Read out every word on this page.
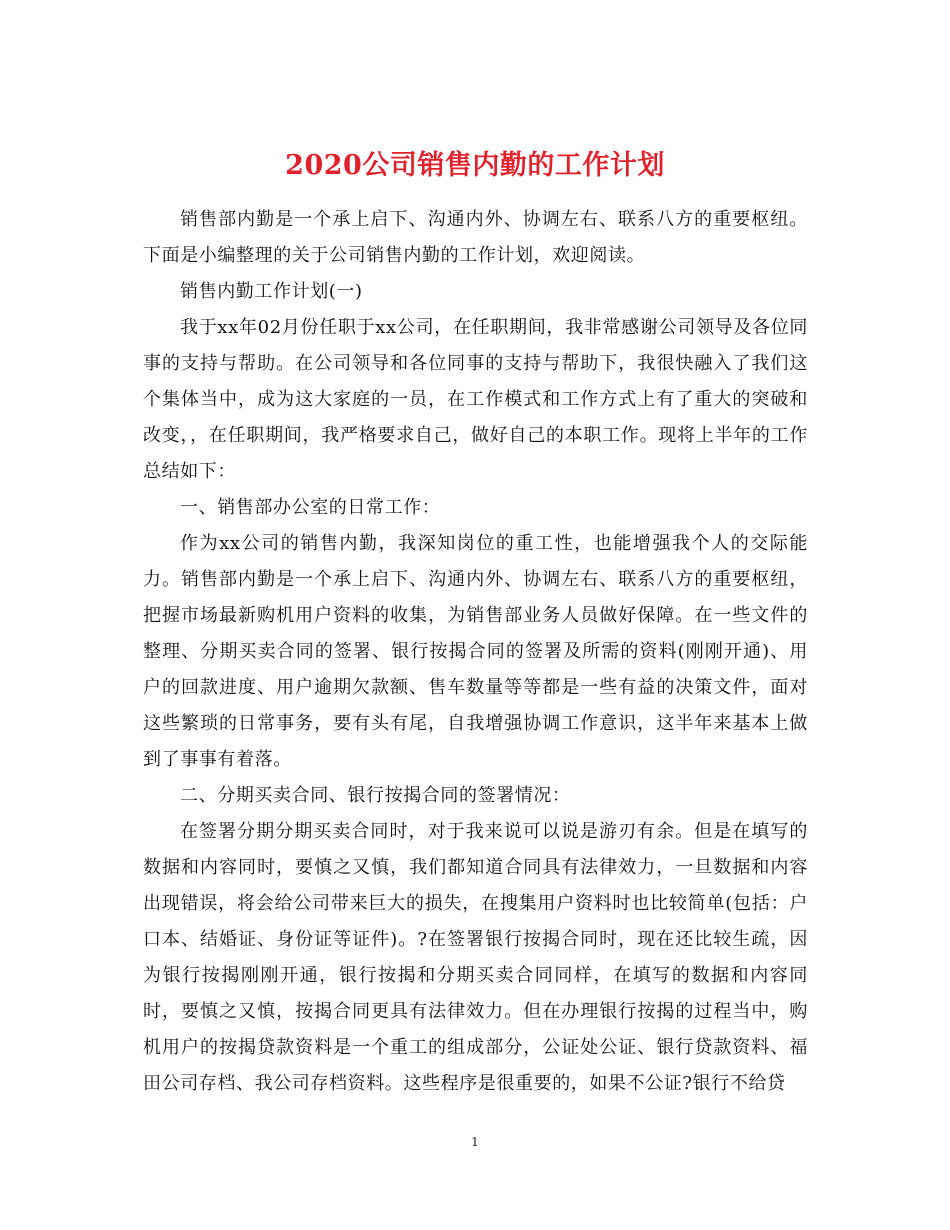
2020公司销售内勤的工作计划

销售部内勤是一个承上启下、沟通内外、协调左右、联系八方的重要枢纽。下面是小编整理的关于公司销售内勤的工作计划，欢迎阅读。

销售内勤工作计划(一)

我于xx年02月份任职于xx公司，在任职期间，我非常感谢公司领导及各位同事的支持与帮助。在公司领导和各位同事的支持与帮助下，我很快融入了我们这个集体当中，成为这大家庭的一员，在工作模式和工作方式上有了重大的突破和改变，，在任职期间，我严格要求自己，做好自己的本职工作。现将上半年的工作总结如下：

一、销售部办公室的日常工作：

作为xx公司的销售内勤，我深知岗位的重工性，也能增强我个人的交际能力。销售部内勤是一个承上启下、沟通内外、协调左右、联系八方的重要枢纽，把握市场最新购机用户资料的收集，为销售部业务人员做好保障。在一些文件的整理、分期买卖合同的签署、银行按揭合同的签署及所需的资料(刚刚开通)、用户的回款进度、用户逾期欠款额、售车数量等等都是一些有益的决策文件，面对这些繁琐的日常事务，要有头有尾，自我增强协调工作意识，这半年来基本上做到了事事有着落。

二、分期买卖合同、银行按揭合同的签署情况：

在签署分期分期买卖合同时，对于我来说可以说是游刃有余。但是在填写的数据和内容同时，要慎之又慎，我们都知道合同具有法律效力，一旦数据和内容出现错误，将会给公司带来巨大的损失，在搜集用户资料时也比较简单(包括：户口本、结婚证、身份证等证件)。?在签署银行按揭合同时，现在还比较生疏，因为银行按揭刚刚开通，银行按揭和分期买卖合同同样，在填写的数据和内容同时，要慎之又慎，按揭合同更具有法律效力。但在办理银行按揭的过程当中，购机用户的按揭贷款资料是一个重工的组成部分，公证处公证、银行贷款资料、福田公司存档、我公司存档资料。这些程序是很重要的，如果不公证?银行不给贷

1
